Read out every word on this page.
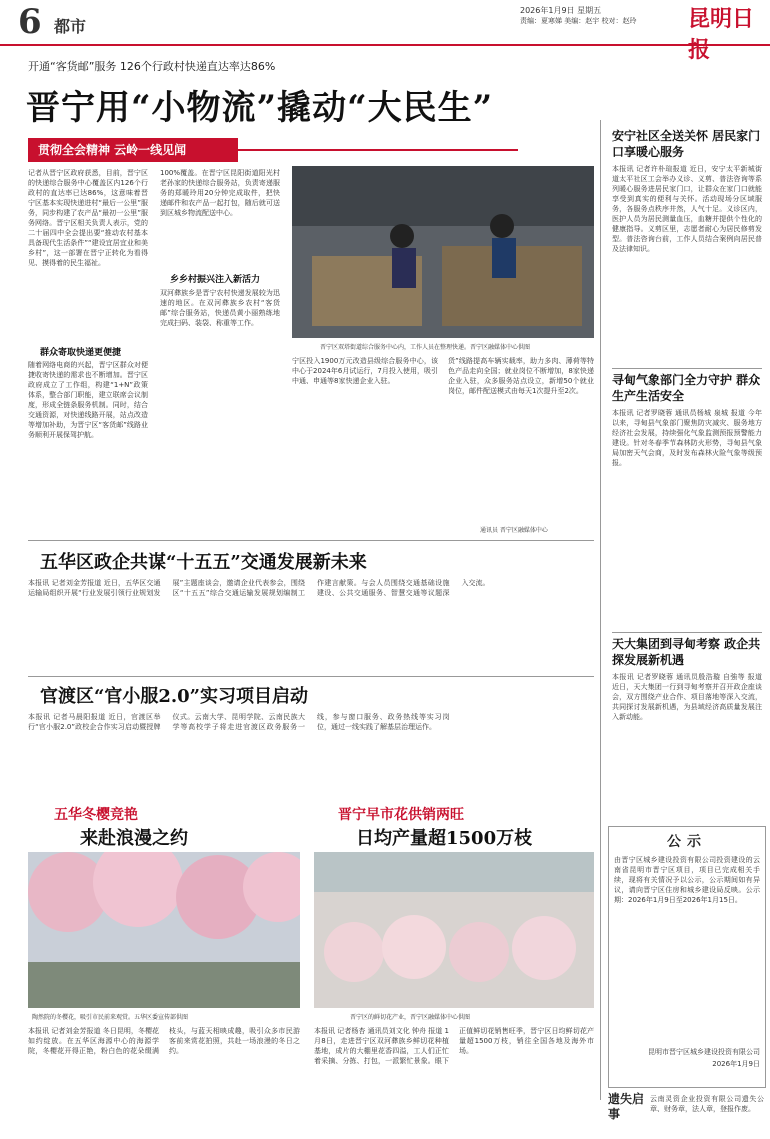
6 都市
2026年1月9日 星期五
责编：夏寒娣 美编：赵宇 校对：赵玲 昆明日报
开通“客货邮”服务 126个行政村快递直达率达86%
晋宁用“小物流”撬动“大民生”
贯彻全会精神 云岭一线见闻
记者从晋宁区政府获悉，目前，晋宁区的快递综合服务中心覆盖区内126个行政村的直达率已达86%，这意味着晋宁区基本实现快递进村“最后一公里”服务，同步构建了农产品“最初一公里”服务网络。晋宁区相关负责人表示，党的二十届四中全会提出要“推动农村基本具备现代生活条件”“建设宜居宜业和美乡村”，这一部署在晋宁正转化为看得见、摸得着的民生福祉。
群众寄取快递更便捷
随着网络电商的兴起，晋宁区群众对便捷收寄快递的需求也不断增加。晋宁区政府成立了工作组，构建“1+N”政策体系，整合部门职能，建立联席会议制度，形成全链条服务机制。同时，结合交通资源，对快递线路开展，站点改造等增加补助，为晋宁区“客货邮”线路业务顺利开展保驾护航。
100%覆盖。在晋宁区昆阳街道阳光村老孙家的快递综合服务站，负责寄递服务的郑暖玲用20分钟完成取件，把快递邮件和农产品一起打包，随后就可送到区城乡物流配送中心。
乡乡村振兴注入新活力
双河彝族乡是晋宁农村快递发展较为迅速的地区。在双河彝族乡农村“客货邮”综合服务站，快递员黄小丽熟练地完成扫码、装袋、称重等工作。
晋宁区双塔街道综合服务中心内，工作人员在整理快递。晋宁区融媒体中心供图
宁区投入1900万元改造县级综合服务中心，该中心于2024年6月试运行，7月投入使用，吸引中通、申通等8家快递企业入驻。
货”线路提高车辆实载率，助力多肉、薄荷等特色产品走向全国；就业岗位不断增加，8家快递企业入驻，众多服务站点设立，新增50个就业岗位，邮件配送模式由每天1次提升至2次。
通讯员 晋宁区融媒体中心
安宁社区全送关怀 居民家门口享暖心服务
本报讯 记者许朴瑄报道 近日，安宁太平新城街道太平社区工会举办义诊、义剪、普法咨询等系列暖心服务进居民家门口，让群众在家门口就能享受到真实的便利与关怀。活动现场分区域服务，各服务点秩序井然，人气十足。义诊区内，医护人员为居民测量血压，血糖并提供个性化的健康指导。义剪区里，志愿者耐心为居民修剪发型。普法咨询台前，工作人员结合案例向居民普及法律知识。
寻甸气象部门全力守护 群众生产生活安全
本报讯 记者罗晓蓉 通讯员杨城 泉城 报道 今年以来，寻甸县气象部门聚焦防灾减灾、服务地方经济社会发展，持续强化气象监测预报预警能力建设。针对冬春季节森林防火形势，寻甸县气象局加密天气会商，及时发布森林火险气象等级预报。
天大集团到寻甸考察 政企共探发展新机遇
本报讯 记者罗晓蓉 通讯员殷浩璇 自強等 报道 近日，天大集团一行到寻甸考察并召开政企座谈会，双方围绕产业合作、项目落地等深入交流，共同探讨发展新机遇，为县域经济高质量发展注入新动能。
公示
由晋宁区城乡建设投资有限公司投资建设的云南省昆明市晋宁区项目，项目已完成相关手续，现将有关情况予以公示，公示期间如有异议，请向晋宁区住房和城乡建设局反映。公示期：2026年1月9日至2026年1月15日。
昆明市晋宁区城乡建设投资有限公司
2026年1月9日
遗失启事
云南灵资企业投资有限公司遗失公章、财务章，法人章，登报作废。
五华区政企共谋“十五五”交通发展新未来
本报讯 记者刘金芳报道 近日，五华区交通运输局组织开展“行业发展引领行业规划发展”主题座谈会，邀请企业代表参会，围绕区“十五五”综合交通运输发展规划编制工作建言献策。与会人员围绕交通基础设施建设、公共交通服务、智慧交通等议题深入交流。
官渡区“官小服2.0”实习项目启动
本报讯 记者马晨阳报道 近日，官渡区举行“官小服2.0”政校企合作实习启动暨授牌仪式。云南大学、昆明学院、云南民族大学等高校学子将走进官渡区政务服务一线，参与窗口服务、政务热线等实习岗位，通过一线实践了解基层治理运作。
五华冬樱竞艳
来赴浪漫之约
陶然院的冬樱花，吸引市民前来观赏。五华区委宣传部供图
本报讯 记者刘金芳报道 冬日昆明，冬樱花如约绽放。在五华区海源中心的海源学院，冬樱花开得正艳，粉白色的花朵缀满枝头，与蓝天相映成趣，吸引众多市民游客前来赏花拍照，共赴一场浪漫的冬日之约。
晋宁早市花供销两旺
日均产量超1500万枝
晋宁区的鲜切花产业，晋宁区融媒体中心供图
本报讯 记者杨杏 通讯员刘文化 钟舟 报道 1月8日，走进晋宁区双河彝族乡鲜切花种植基地，成片的大棚里花香四溢，工人们正忙着采摘、分拣、打包，一派繁忙景象。眼下正值鲜切花销售旺季，晋宁区日均鲜切花产量超1500万枝，销往全国各地及海外市场。
